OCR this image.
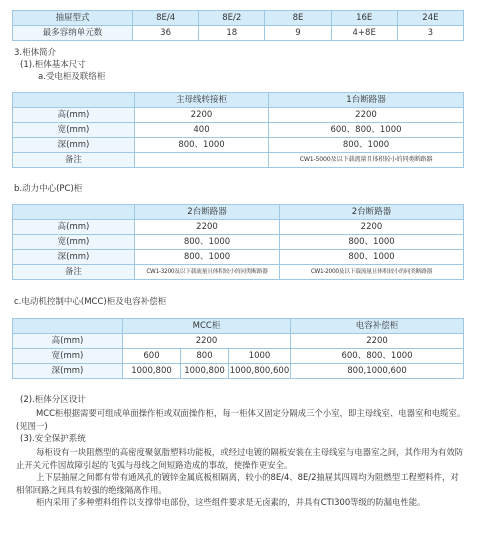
抽屉型式	8E/4	8E/2	8E	16E	24E
最多容纳单元数	36	18	9	4+8E	3
3.柜体简介
(1).柜体基本尺寸
a.受电柜及联络柜
	主母线转接柜	1台断路器
高(mm)	2200	2200
宽(mm)	400	600、800、1000
深(mm)	800、1000	800、1000
备注		CW1-5000及以下载流量且体积较小的同类断路器
b.动力中心(PC)柜
	2台断路器	2台断路器
高(mm)	2200	2200
宽(mm)	800、1000	800、1000
深(mm)	800、1000	800、1000
备注	CW1-3200及以下载流量且体积较小的同类断路器	CW1-2000及以下载流量且体积较小的同类断路器
c.电动机控制中心(MCC)柜及电容补偿柜
	MCC柜			电容补偿柜
高(mm)	2200			2200
宽(mm)	600	800	1000	600、800、1000
深(mm)	1000,800	1000,800	1000,800,600	800,1000,600
(2).柜体分区设计

MCC柜根据需要可组成单面操作柜或双面操作柜，每一柜体又固定分隔成三个小室，即主母线室、电器室和电缆室。(见图一)

(3).安全保护系统

每柜设有一块阻燃型的高密度聚氨脂塑料功能板，或经过电镀的隔板安装在主母线室与电器室之间，其作用为有效防止开关元件因故障引起的飞弧与母线之间短路造成的事故，使操作更安全。

上下层抽屉之间都有带有通风孔的镀锌金属底板相隔离，较小的8E/4、8E/2抽屉其四周均为阻燃型工程塑料件，对相邻回路之间具有较强的绝缘隔离作用。

柜内采用了多种塑料组件以支撑带电部份，这些组件要求是无卤素的，并具有CTI300等级的防漏电性能。
